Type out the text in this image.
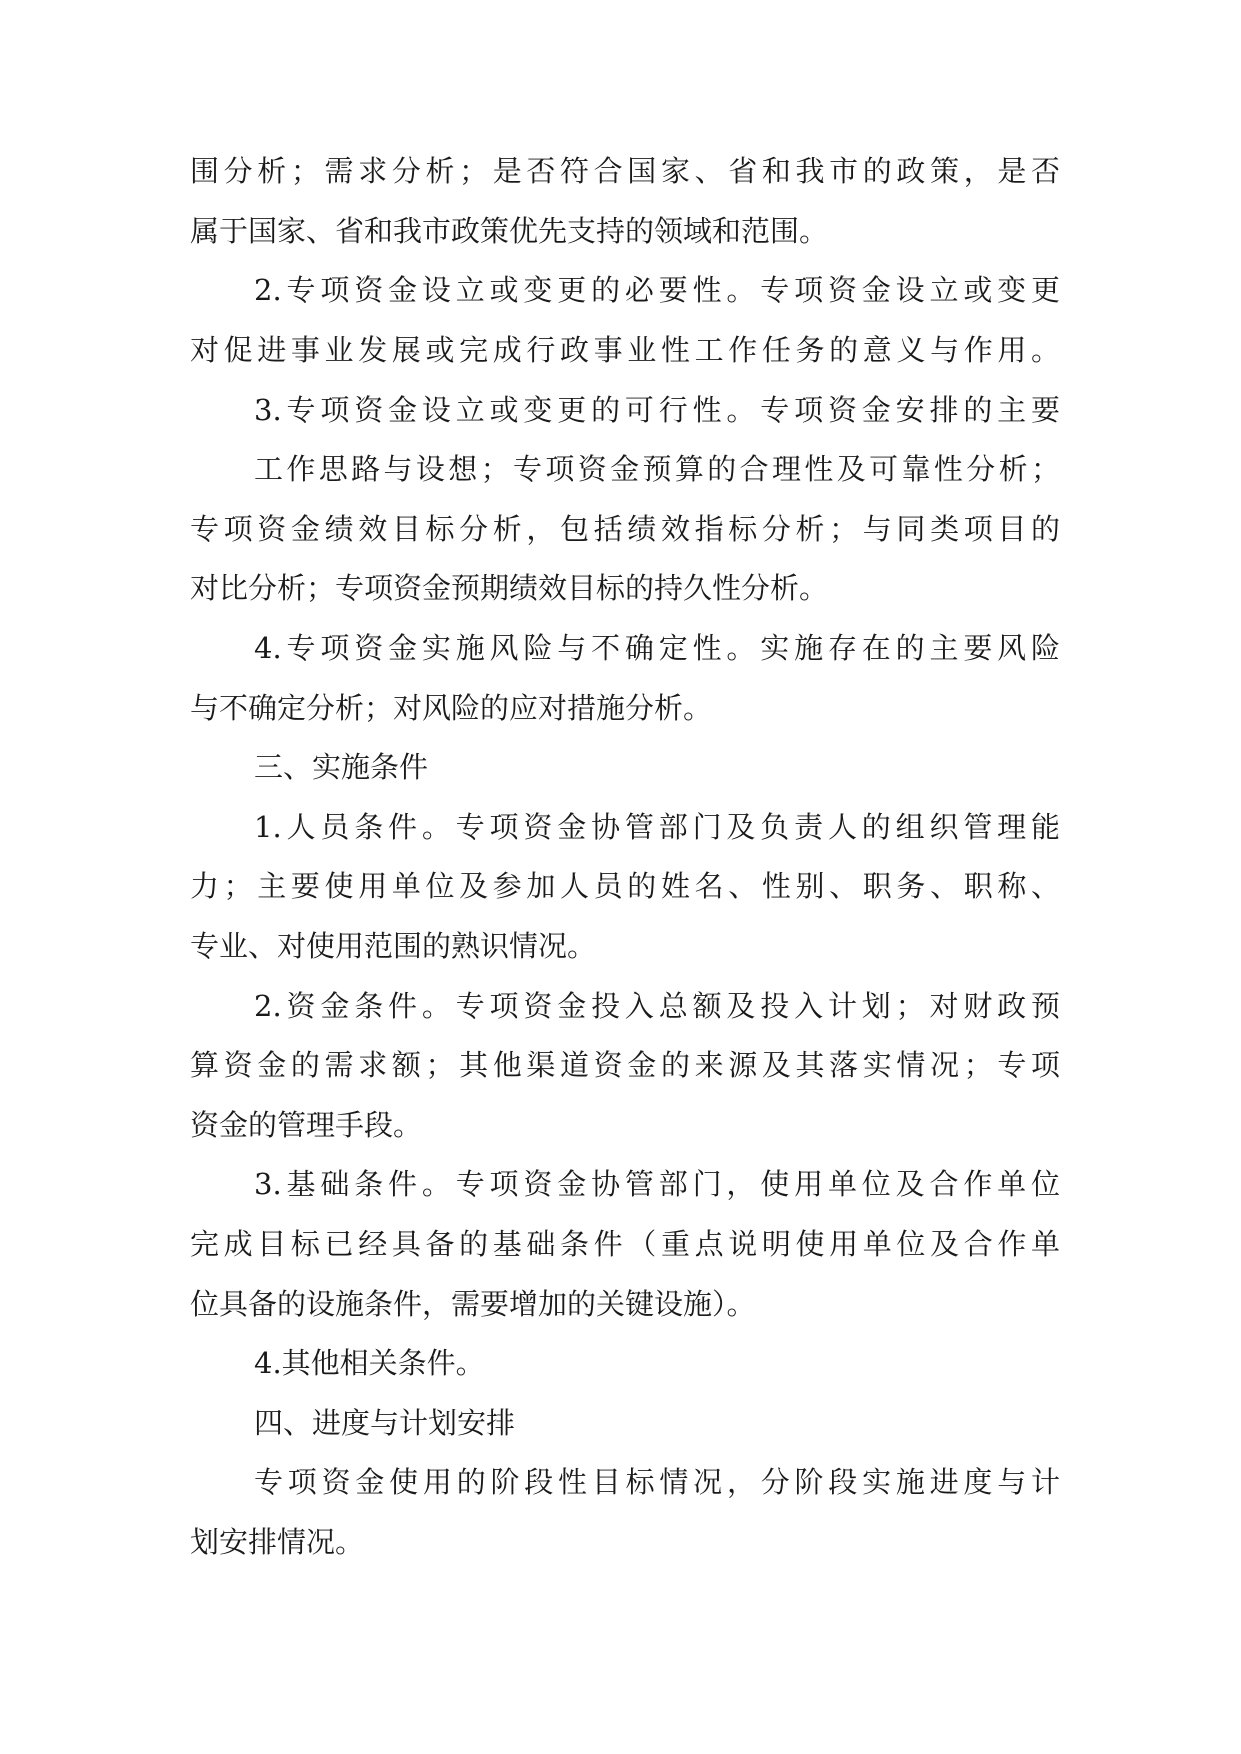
围分析；需求分析；是否符合国家、省和我市的政策，是否
属于国家、省和我市政策优先支持的领域和范围。
2.专项资金设立或变更的必要性。专项资金设立或变更
对促进事业发展或完成行政事业性工作任务的意义与作用。
3.专项资金设立或变更的可行性。专项资金安排的主要
工作思路与设想；专项资金预算的合理性及可靠性分析；
专项资金绩效目标分析，包括绩效指标分析；与同类项目的
对比分析；专项资金预期绩效目标的持久性分析。
4.专项资金实施风险与不确定性。实施存在的主要风险
与不确定分析；对风险的应对措施分析。
三、实施条件
1.人员条件。专项资金协管部门及负责人的组织管理能
力；主要使用单位及参加人员的姓名、性别、职务、职称、
专业、对使用范围的熟识情况。
2.资金条件。专项资金投入总额及投入计划；对财政预
算资金的需求额；其他渠道资金的来源及其落实情况；专项
资金的管理手段。
3.基础条件。专项资金协管部门，使用单位及合作单位
完成目标已经具备的基础条件（重点说明使用单位及合作单
位具备的设施条件，需要增加的关键设施）。
4.其他相关条件。
四、进度与计划安排
专项资金使用的阶段性目标情况，分阶段实施进度与计
划安排情况。
